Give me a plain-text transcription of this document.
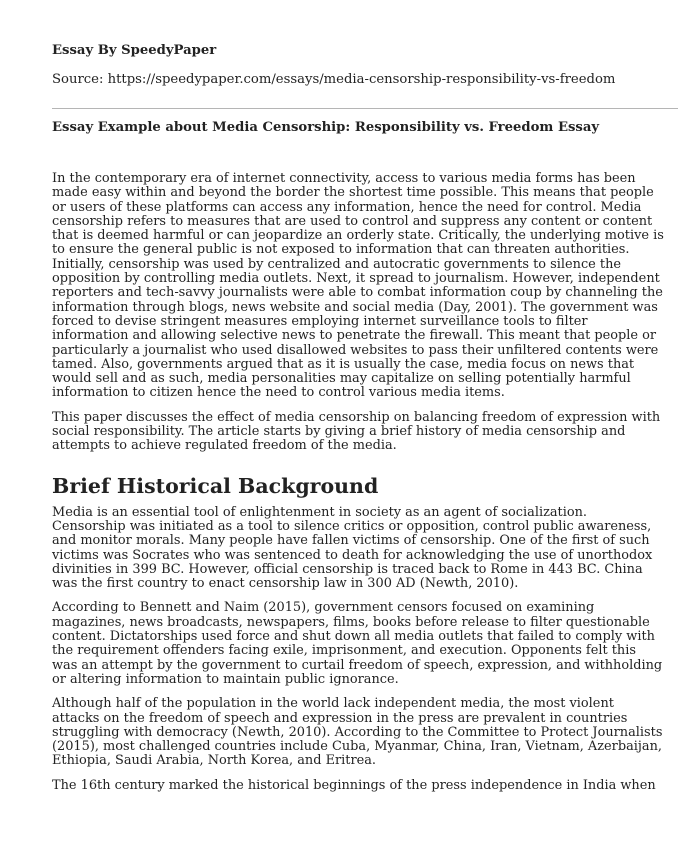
Essay By SpeedyPaper

Source: https://speedypaper.com/essays/media-censorship-responsibility-vs-freedom

Essay Example about Media Censorship: Responsibility vs. Freedom Essay

In the contemporary era of internet connectivity, access to various media forms has been made easy within and beyond the border the shortest time possible. This means that people or users of these platforms can access any information, hence the need for control. Media censorship refers to measures that are used to control and suppress any content or content that is deemed harmful or can jeopardize an orderly state. Critically, the underlying motive is to ensure the general public is not exposed to information that can threaten authorities. Initially, censorship was used by centralized and autocratic governments to silence the opposition by controlling media outlets. Next, it spread to journalism. However, independent reporters and tech-savvy journalists were able to combat information coup by channeling the information through blogs, news website and social media (Day, 2001). The government was forced to devise stringent measures employing internet surveillance tools to filter information and allowing selective news to penetrate the firewall. This meant that people or particularly a journalist who used disallowed websites to pass their unfiltered contents were tamed. Also, governments argued that as it is usually the case, media focus on news that would sell and as such, media personalities may capitalize on selling potentially harmful information to citizen hence the need to control various media items.

This paper discusses the effect of media censorship on balancing freedom of expression with social responsibility. The article starts by giving a brief history of media censorship and attempts to achieve regulated freedom of the media.

Brief Historical Background

Media is an essential tool of enlightenment in society as an agent of socialization. Censorship was initiated as a tool to silence critics or opposition, control public awareness, and monitor morals. Many people have fallen victims of censorship. One of the first of such victims was Socrates who was sentenced to death for acknowledging the use of unorthodox divinities in 399 BC. However, official censorship is traced back to Rome in 443 BC. China was the first country to enact censorship law in 300 AD (Newth, 2010).

According to Bennett and Naim (2015), government censors focused on examining magazines, news broadcasts, newspapers, films, books before release to filter questionable content. Dictatorships used force and shut down all media outlets that failed to comply with the requirement offenders facing exile, imprisonment, and execution. Opponents felt this was an attempt by the government to curtail freedom of speech, expression, and withholding or altering information to maintain public ignorance.

Although half of the population in the world lack independent media, the most violent attacks on the freedom of speech and expression in the press are prevalent in countries struggling with democracy (Newth, 2010). According to the Committee to Protect Journalists (2015), most challenged countries include Cuba, Myanmar, China, Iran, Vietnam, Azerbaijan, Ethiopia, Saudi Arabia, North Korea, and Eritrea.

The 16th century marked the historical beginnings of the press independence in India when
